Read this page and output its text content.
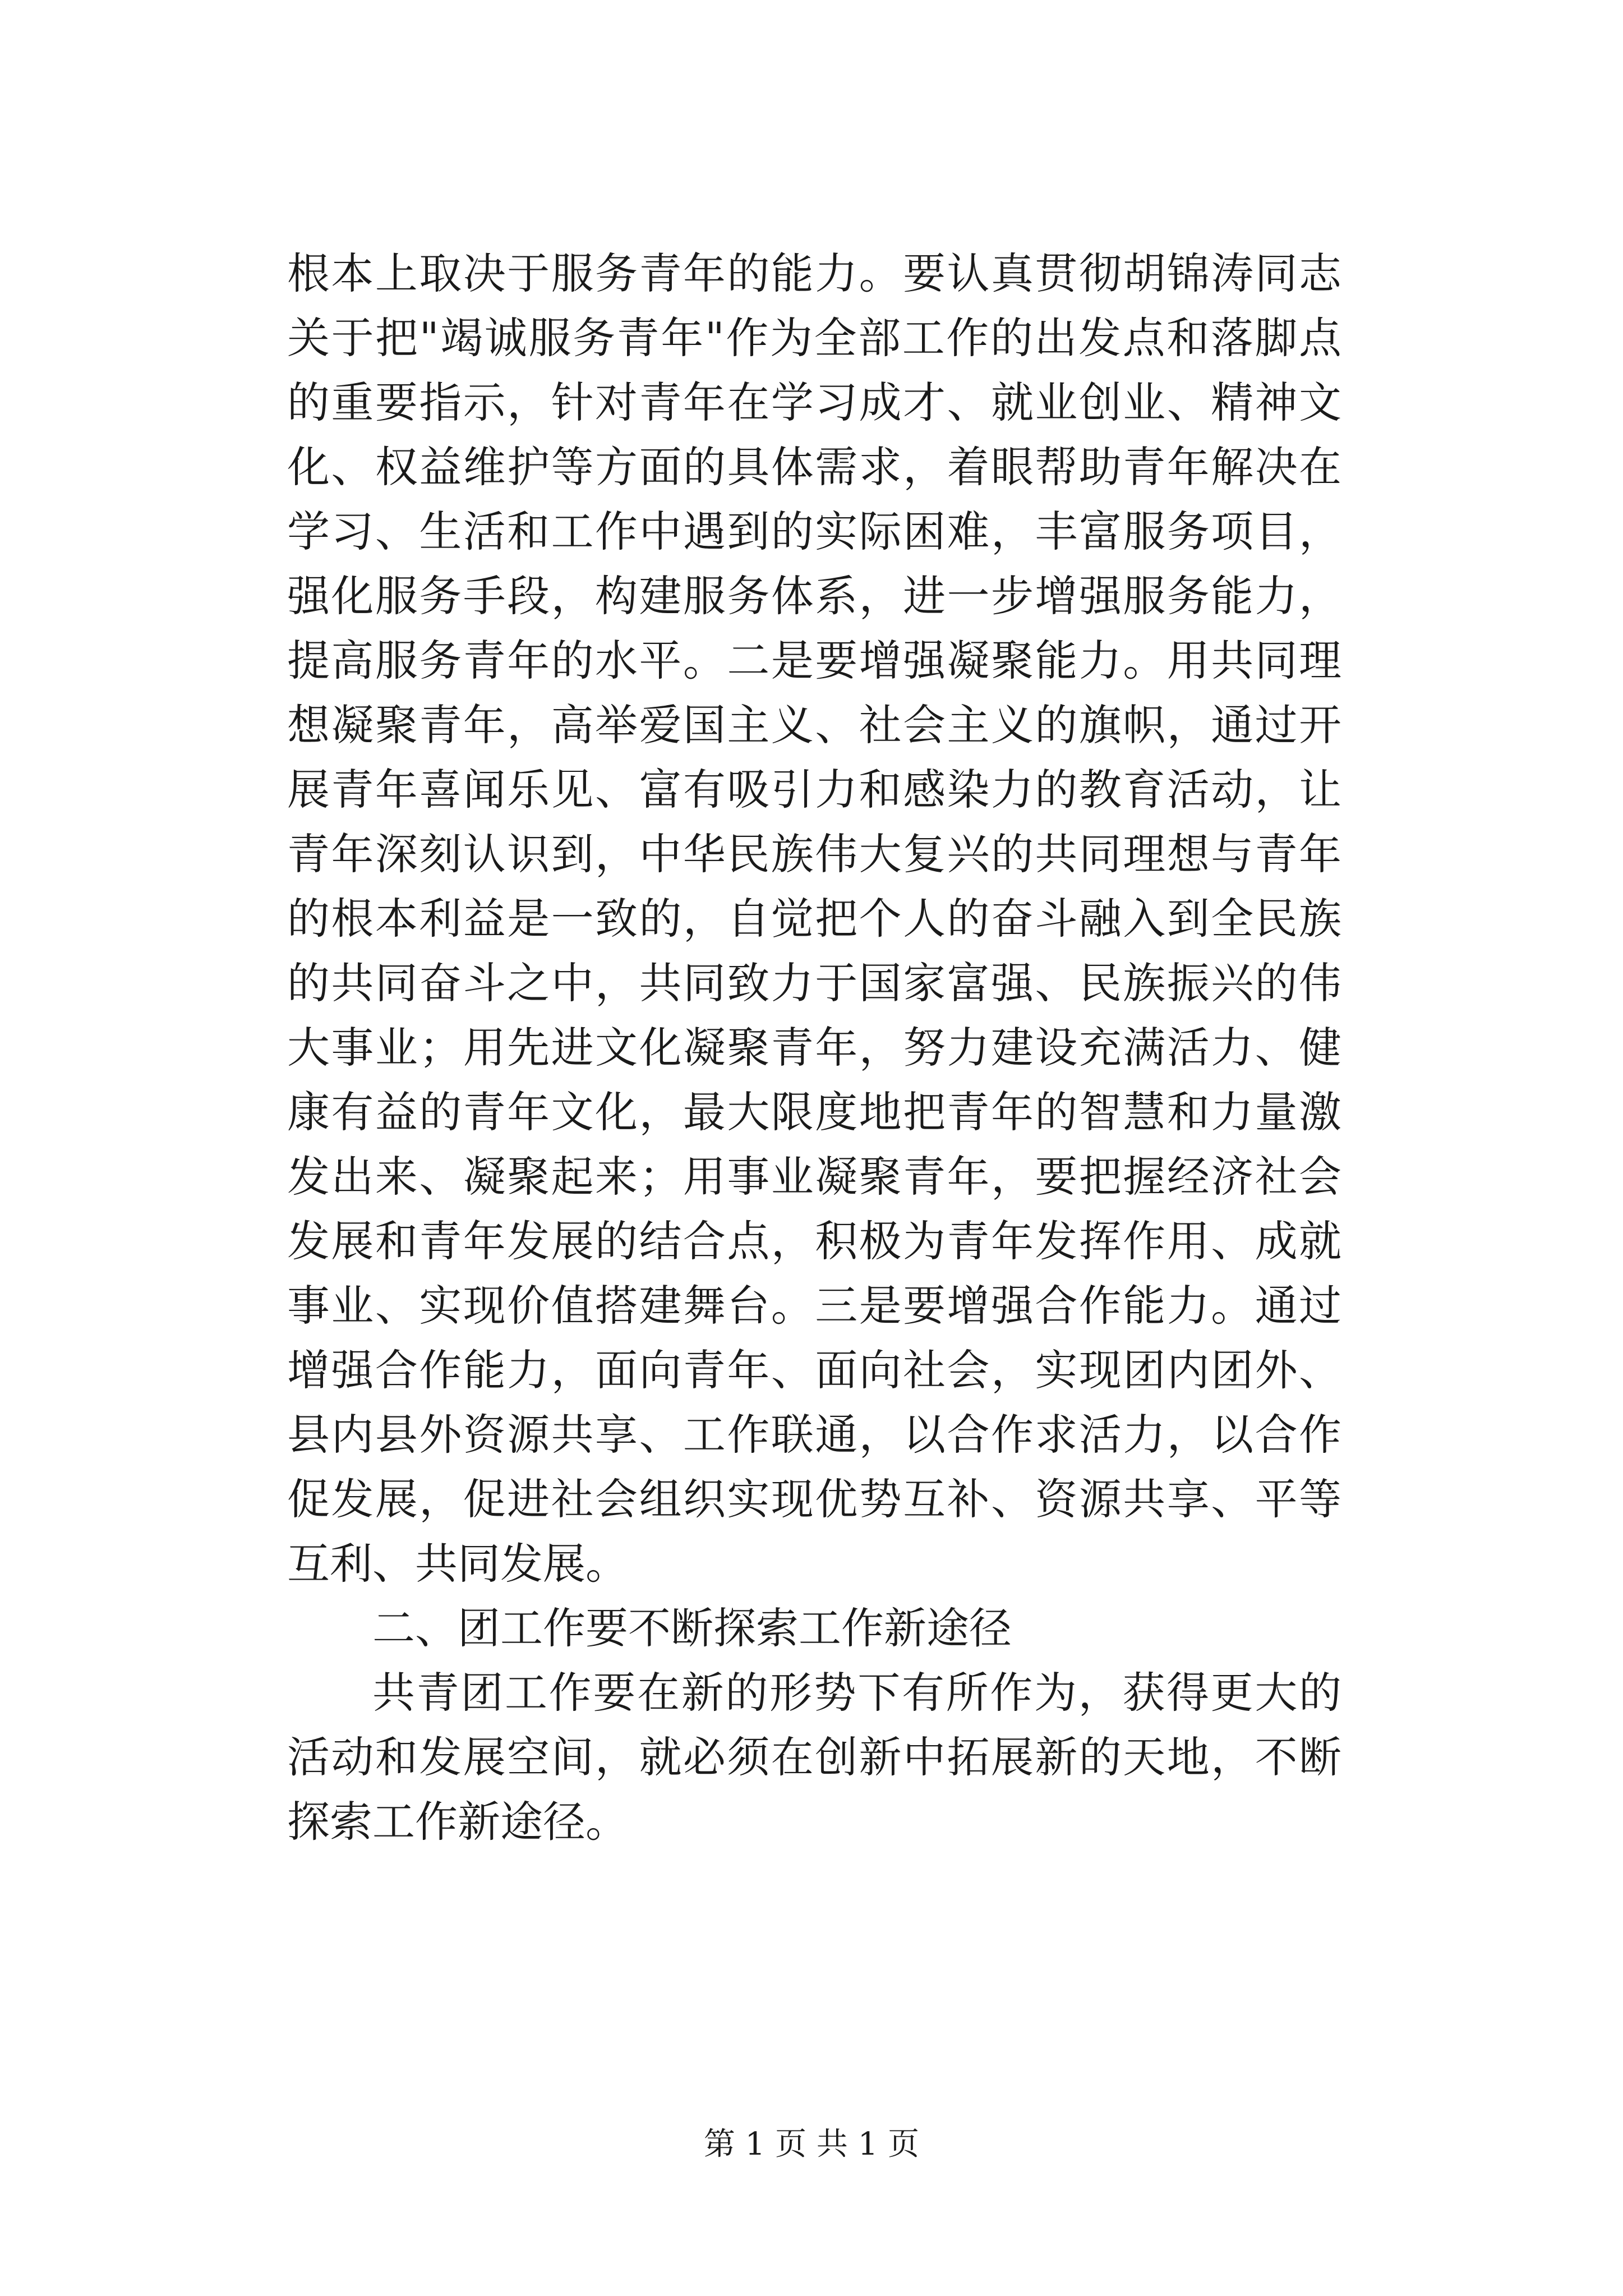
根本上取决于服务青年的能力。要认真贯彻胡锦涛同志关于把"竭诚服务青年"作为全部工作的出发点和落脚点的重要指示，针对青年在学习成才、就业创业、精神文化、权益维护等方面的具体需求，着眼帮助青年解决在学习、生活和工作中遇到的实际困难，丰富服务项目，强化服务手段，构建服务体系，进一步增强服务能力，提高服务青年的水平。二是要增强凝聚能力。用共同理想凝聚青年，高举爱国主义、社会主义的旗帜，通过开展青年喜闻乐见、富有吸引力和感染力的教育活动，让青年深刻认识到，中华民族伟大复兴的共同理想与青年的根本利益是一致的，自觉把个人的奋斗融入到全民族的共同奋斗之中，共同致力于国家富强、民族振兴的伟大事业；用先进文化凝聚青年，努力建设充满活力、健康有益的青年文化，最大限度地把青年的智慧和力量激发出来、凝聚起来；用事业凝聚青年，要把握经济社会发展和青年发展的结合点，积极为青年发挥作用、成就事业、实现价值搭建舞台。三是要增强合作能力。通过增强合作能力，面向青年、面向社会，实现团内团外、县内县外资源共享、工作联通，以合作求活力，以合作促发展，促进社会组织实现优势互补、资源共享、平等互利、共同发展。

二、团工作要不断探索工作新途径

共青团工作要在新的形势下有所作为，获得更大的活动和发展空间，就必须在创新中拓展新的天地，不断探索工作新途径。

第 1 页 共 1 页
